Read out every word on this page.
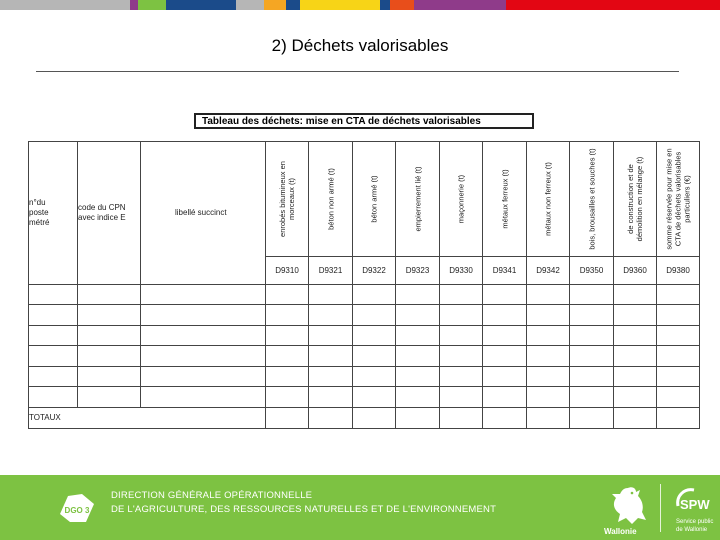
2) Déchets valorisables
Tableau des déchets: mise en CTA de déchets valorisables
n°du
poste
métré	code du CPN
avec indice E	libellé succinct	enrobés bitumineux en morceaux (t)	béton non armé (t)	béton armé (t)	empierrement lié (t)	maçonnerie (t)	métaux ferreux (t)	métaux non ferreux (t)	bois, brousailles et souches (t)	de construction et de démolition en mélange (t)	somme réservée pour mise en CTA de déchets valorisables particuliers (€)

			D9310	D9321	D9322	D9323	D9330	D9341	D9342	D9350	D9360	D9380

TOTAUX												
DGO 3
DIRECTION GÉNÉRALE OPÉRATIONNELLE
DE L'AGRICULTURE, DES RESSOURCES NATURELLES ET DE L'ENVIRONNEMENT
Wallonie
SPW
Service public
de Wallonie
